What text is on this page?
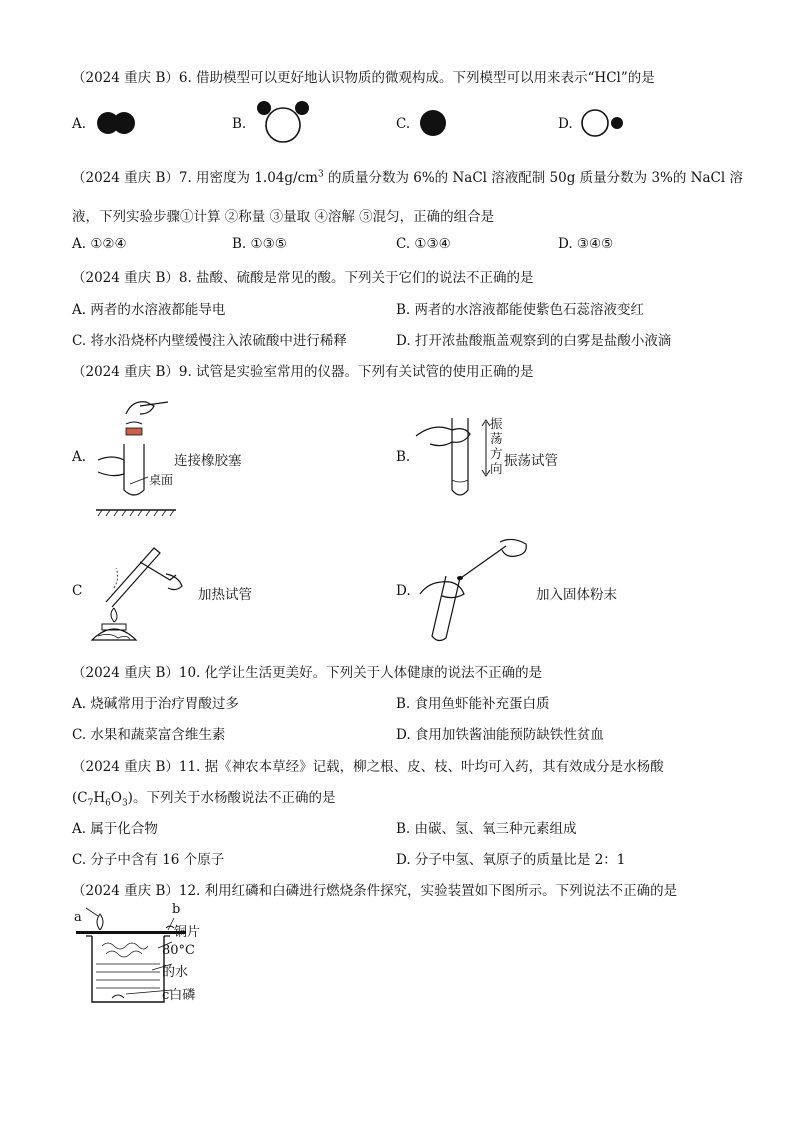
（2024 重庆 B）6. 借助模型可以更好地认识物质的微观构成。下列模型可以用来表示“HCl”的是
A.	B.	C.	D.
（2024 重庆 B）7. 用密度为 $1.04g/cm^3$ 的质量分数为 6%的 NaCl 溶液配制 50g 质量分数为 3%的 NaCl 溶
液，下列实验步骤①计算 ②称量 ③量取 ④溶解 ⑤混匀，正确的组合是
A. ①②④	B. ①③⑤	C. ①③④	D. ③④⑤
（2024 重庆 B）8. 盐酸、硫酸是常见的酸。下列关于它们的说法不正确的是
A. 两者的水溶液都能导电	B. 两者的水溶液都能使紫色石蕊溶液变红
C. 将水沿烧杯内壁缓慢注入浓硫酸中进行稀释	D. 打开浓盐酸瓶盖观察到的白雾是盐酸小液滴
（2024 重庆 B）9. 试管是实验室常用的仪器。下列有关试管的使用正确的是
A.
桌面
连接橡胶塞	B.
振
荡
方
向 振荡试管
C	加热试管	D.	加入固体粉末
（2024 重庆 B）10. 化学让生活更美好。下列关于人体健康的说法不正确的是
A. 烧碱常用于治疗胃酸过多	B. 食用鱼虾能补充蛋白质
C. 水果和蔬菜富含维生素	D. 食用加铁酱油能预防缺铁性贫血
（2024 重庆 B）11. 据《神农本草经》记载，柳之根、皮、枝、叶均可入药，其有效成分是水杨酸
$(C_7H_6O_3)$。下列关于水杨酸说法不正确的是
A. 属于化合物	B. 由碳、氢、氧三种元素组成
C. 分子中含有 16 个原子	D. 分子中氢、氧原子的质量比是 2：1
（2024 重庆 B）12. 利用红磷和白磷进行燃烧条件探究，实验装置如下图所示。下列说法不正确的是
a
b
铜片
80°C
的水
c白磷
